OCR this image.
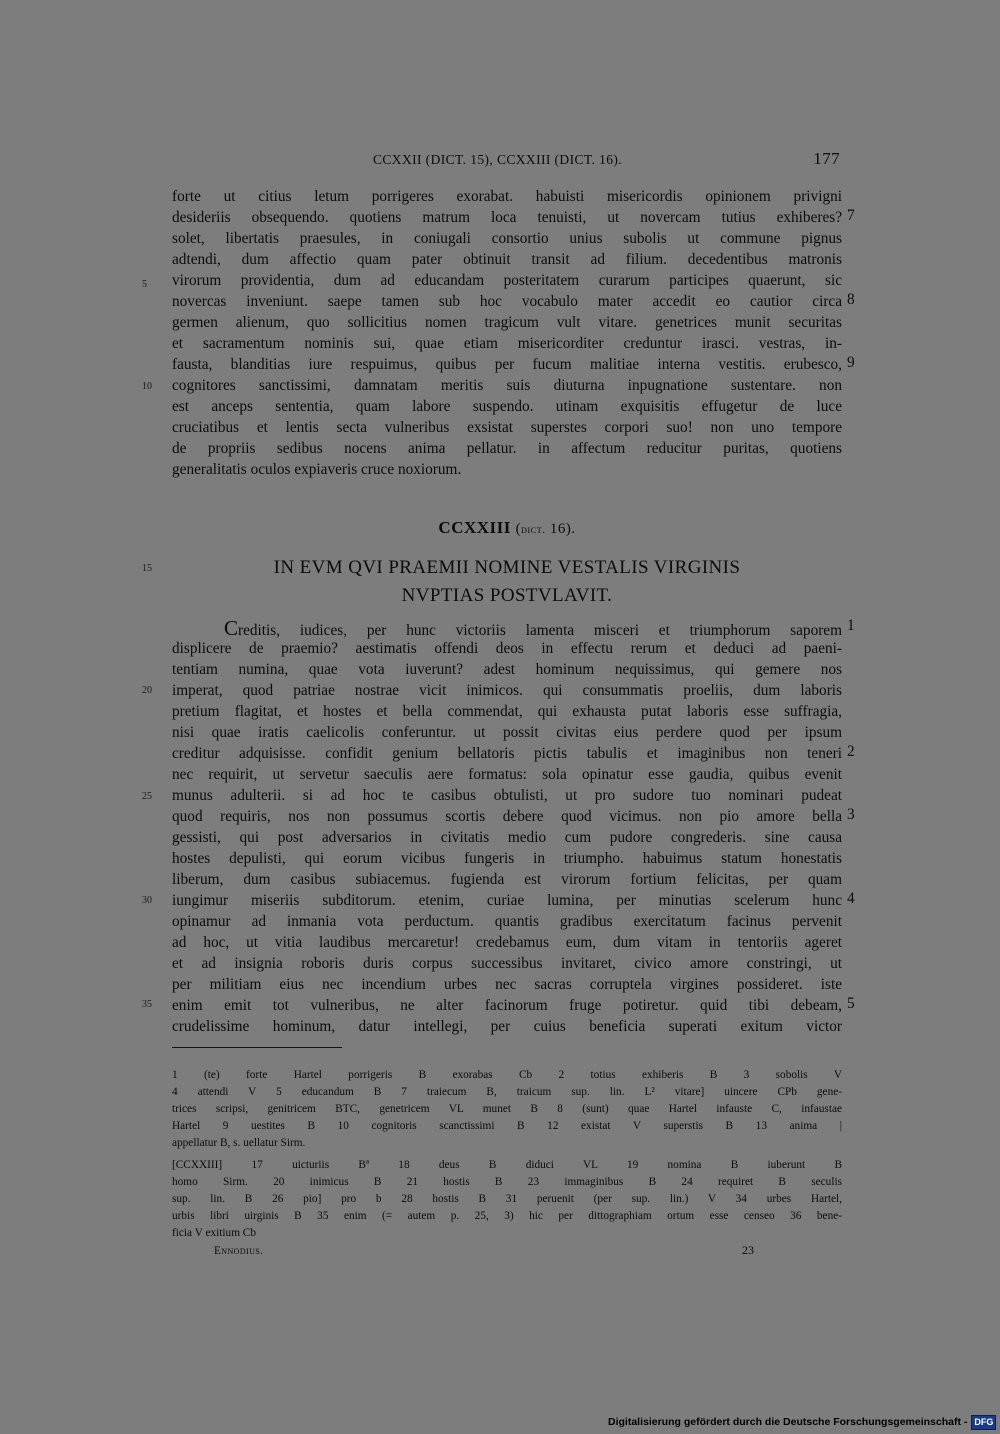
CCXXII (DICT. 15), CCXXIII (DICT. 16).	177
forte ut citius letum porrigeres exorabat. habuisti misericordis opinionem privigni
desideriis obsequendo. quotiens matrum loca tenuisti, ut novercam tutius exhiberes?
solet, libertatis praesules, in coniugali consortio unius subolis ut commune pignus
adtendi, dum affectio quam pater obtinuit transit ad filium. decedentibus matronis
virorum providentia, dum ad educandam posteritatem curarum participes quaerunt, sic
novercas inveniunt. saepe tamen sub hoc vocabulo mater accedit eo cautior circa
germen alienum, quo sollicitius nomen tragicum vult vitare. genetrices munit securitas
et sacramentum nominis sui, quae etiam misericorditer creduntur irasci. vestras, in-
fausta, blanditias iure respuimus, quibus per fucum malitiae interna vestitis. erubesco,
cognitores sanctissimi, damnatam meritis suis diuturna inpugnatione sustentare. non
est anceps sententia, quam labore suspendo. utinam exquisitis effugetur de luce
cruciatibus et lentis secta vulneribus exsistat superstes corpori suo! non uno tempore
de propriis sedibus nocens anima pellatur. in affectum reducitur puritas, quotiens
generalitatis oculos expiaveris cruce noxiorum.
7
8
9
5
10
CCXXIII (dict. 16).
IN EVM QVI PRAEMII NOMINE VESTALIS VIRGINIS
NVPTIAS POSTVLAVIT.
15
Creditis, iudices, per hunc victoriis lamenta misceri et triumphorum saporem
displicere de praemio? aestimatis offendi deos in effectu rerum et deduci ad paeni-
tentiam numina, quae vota iuverunt? adest hominum nequissimus, qui gemere nos
imperat, quod patriae nostrae vicit inimicos. qui consummatis proeliis, dum laboris
pretium flagitat, et hostes et bella commendat, qui exhausta putat laboris esse suffragia,
nisi quae iratis caelicolis conferuntur. ut possit civitas eius perdere quod per ipsum
creditur adquisisse. confidit genium bellatoris pictis tabulis et imaginibus non teneri
nec requirit, ut servetur saeculis aere formatus: sola opinatur esse gaudia, quibus evenit
munus adulterii. si ad hoc te casibus obtulisti, ut pro sudore tuo nominari pudeat
quod requiris, nos non possumus scortis debere quod vicimus. non pio amore bella
gessisti, qui post adversarios in civitatis medio cum pudore congrederis. sine causa
hostes depulisti, qui eorum vicibus fungeris in triumpho. habuimus statum honestatis
liberum, dum casibus subiacemus. fugienda est virorum fortium felicitas, per quam
iungimur miseriis subditorum. etenim, curiae lumina, per minutias scelerum hunc
opinamur ad inmania vota perductum. quantis gradibus exercitatum facinus pervenit
ad hoc, ut vitia laudibus mercaretur! credebamus eum, dum vitam in tentoriis ageret
et ad insignia roboris duris corpus successibus invitaret, civico amore constringi, ut
per militiam eius nec incendium urbes nec sacras corruptela virgines possideret. iste
enim emit tot vulneribus, ne alter facinorum fruge potiretur. quid tibi debeam,
crudelissime hominum, datur intellegi, per cuius beneficia superati exitum victor
1
2
3
4
5
20
25
30
35
1 (te) forte Hartel porrigeris B exorabas Cb 2 totius exhiberis B 3 sobolis V
4 attendi V 5 educandum B 7 traiecum B, traicum sup. lin. L² vitare] uincere CPb gene-
trices scripsi, genitricem BTC, genetricem VL munet B 8 (sunt) quae Hartel infauste C, infaustae
Hartel 9 uestites B 10 cognitoris scanctissimi B 12 existat V superstis B 13 anima |
appellatur B, s. uellatur Sirm.
[CCXXIII] 17 uicturiis Bª 18 deus B diduci VL 19 nomina B iuberunt B
homo Sirm. 20 inimicus B 21 hostis B 23 immaginibus B 24 requiret B seculis
sup. lin. B 26 pio] pro b 28 hostis B 31 peruenit (per sup. lin.) V 34 urbes Hartel,
urbis libri uirginis B 35 enim (= autem p. 25, 3) hic per dittographiam ortum esse censeo 36 bene-
ficia V exitium Cb
Ennodius.	23
Digitalisierung gefördert durch die Deutsche Forschungsgemeinschaft - DFG
